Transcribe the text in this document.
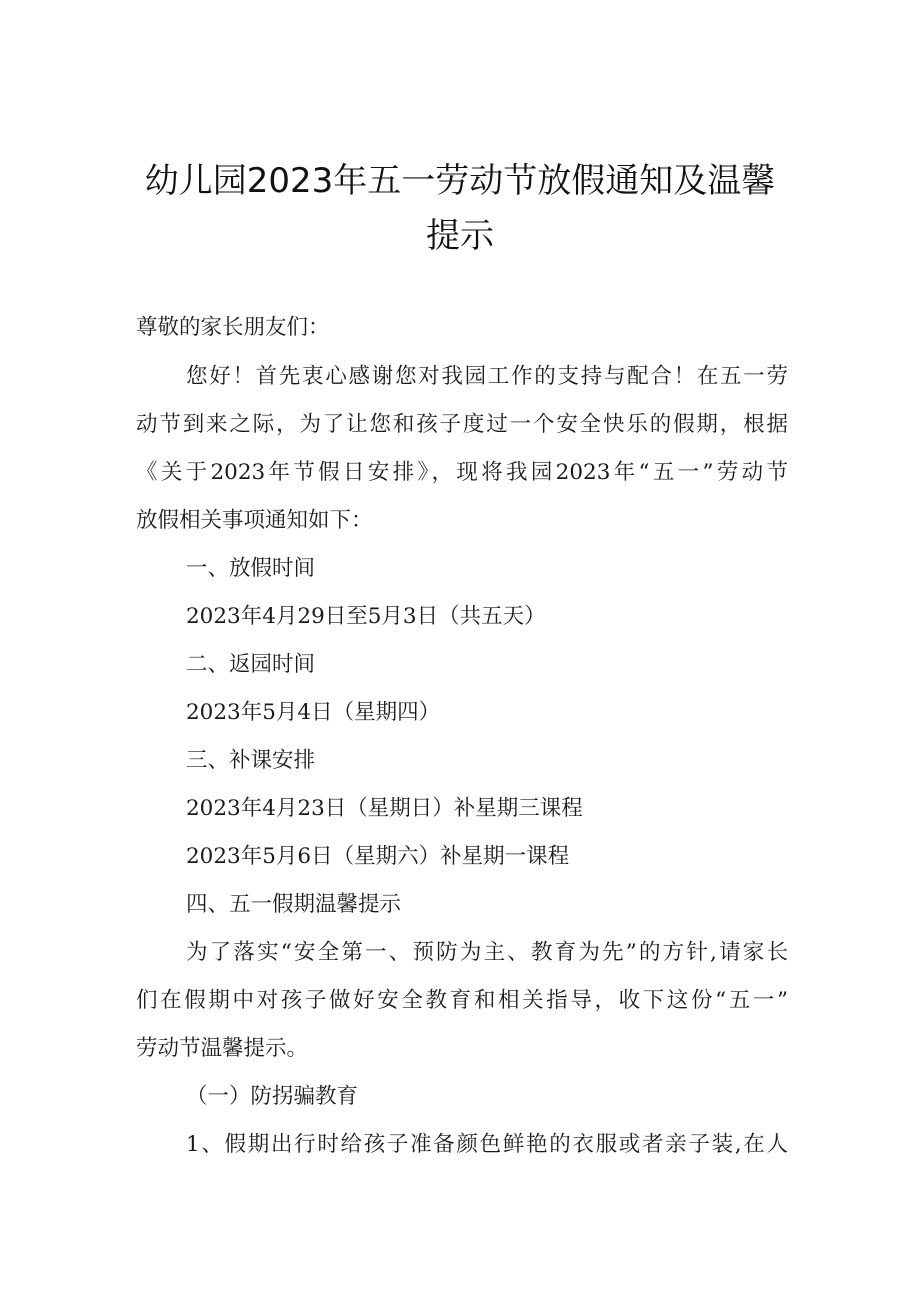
幼儿园2023年五一劳动节放假通知及温馨
提示

尊敬的家长朋友们：

您好！首先衷心感谢您对我园工作的支持与配合！在五一劳

动节到来之际，为了让您和孩子度过一个安全快乐的假期，根据

《关于2023年节假日安排》，现将我园2023年“五一”劳动节

放假相关事项通知如下：

一、放假时间

2023年4月29日至5月3日（共五天）

二、返园时间

2023年5月4日（星期四）

三、补课安排

2023年4月23日（星期日）补星期三课程

2023年5月6日（星期六）补星期一课程

四、五一假期温馨提示

为了落实“安全第一、预防为主、教育为先”的方针,请家长

们在假期中对孩子做好安全教育和相关指导，收下这份“五一”

劳动节温馨提示。

（一）防拐骗教育

1、假期出行时给孩子准备颜色鲜艳的衣服或者亲子装,在人
